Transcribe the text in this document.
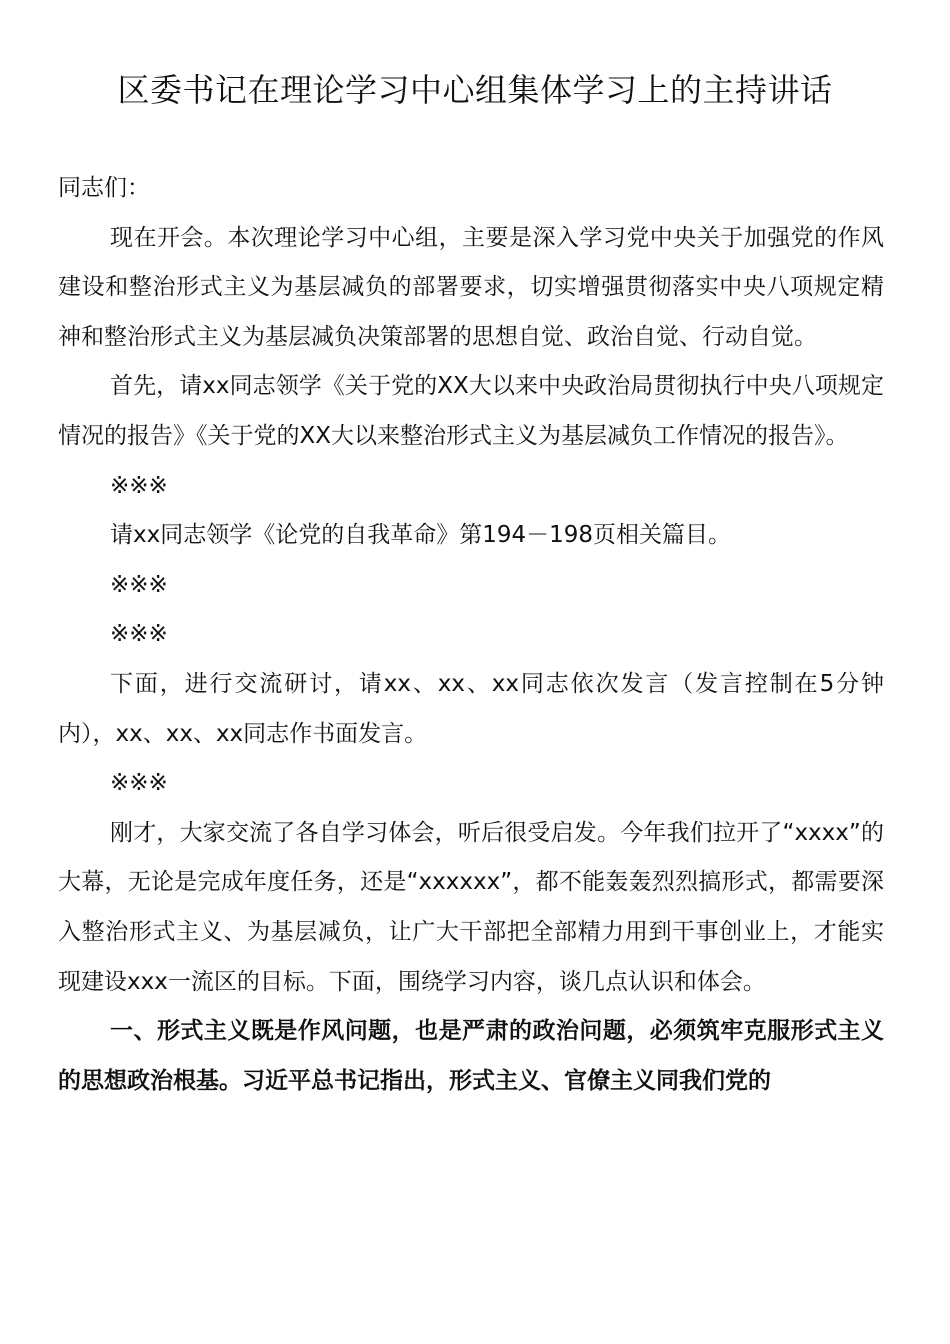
区委书记在理论学习中心组集体学习上的主持讲话

同志们：

现在开会。本次理论学习中心组，主要是深入学习党中央关于加强党的作风建设和整治形式主义为基层减负的部署要求，切实增强贯彻落实中央八项规定精神和整治形式主义为基层减负决策部署的思想自觉、政治自觉、行动自觉。

首先，请xx同志领学《关于党的XX大以来中央政治局贯彻执行中央八项规定情况的报告》《关于党的XX大以来整治形式主义为基层减负工作情况的报告》。

※※※

请xx同志领学《论党的自我革命》第194－198页相关篇目。

※※※

※※※

下面，进行交流研讨，请xx、xx、xx同志依次发言（发言控制在5分钟内），xx、xx、xx同志作书面发言。

※※※

刚才，大家交流了各自学习体会，听后很受启发。今年我们拉开了“xxxx”的大幕，无论是完成年度任务，还是“xxxxxx”，都不能轰轰烈烈搞形式，都需要深入整治形式主义、为基层减负，让广大干部把全部精力用到干事创业上，才能实现建设xxx一流区的目标。下面，围绕学习内容，谈几点认识和体会。

一、形式主义既是作风问题，也是严肃的政治问题，必须筑牢克服形式主义的思想政治根基。习近平总书记指出，形式主义、官僚主义同我们党的
